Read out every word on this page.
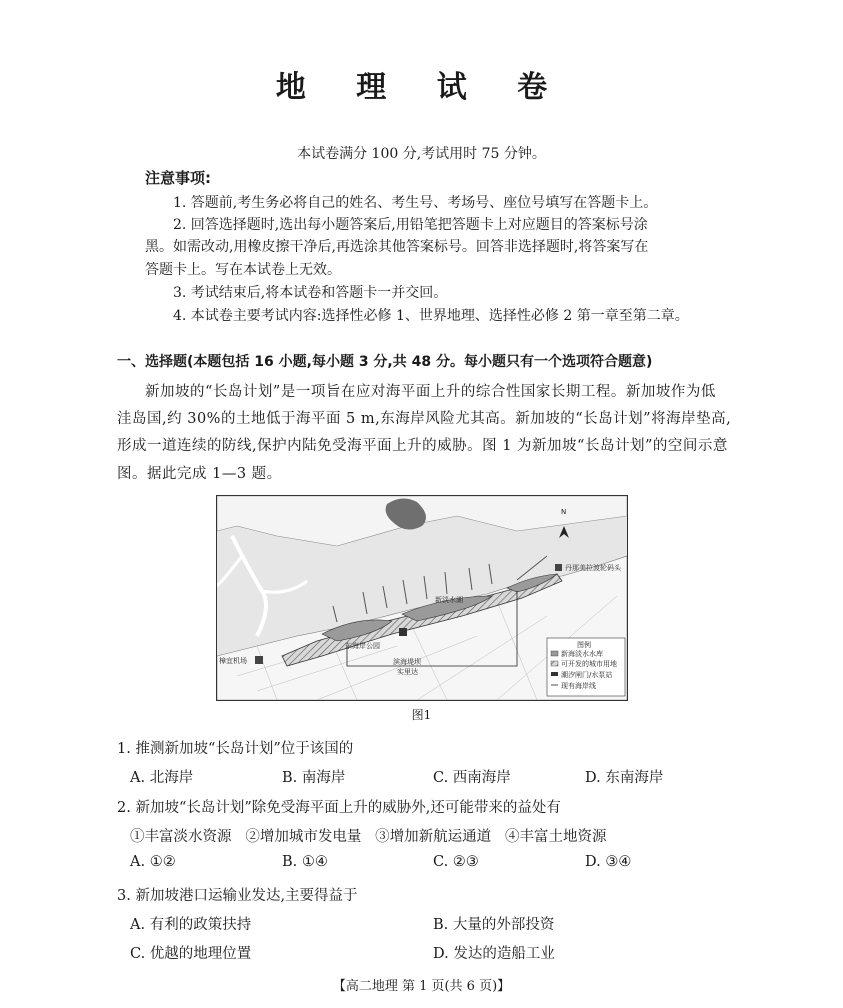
地 理 试 卷
本试卷满分 100 分,考试用时 75 分钟。
注意事项:
1. 答题前,考生务必将自己的姓名、考生号、考场号、座位号填写在答题卡上。
2. 回答选择题时,选出每小题答案后,用铅笔把答题卡上对应题目的答案标号涂
黑。如需改动,用橡皮擦干净后,再选涂其他答案标号。回答非选择题时,将答案写在
答题卡上。写在本试卷上无效。
3. 考试结束后,将本试卷和答题卡一并交回。
4. 本试卷主要考试内容:选择性必修 1、世界地理、选择性必修 2 第一章至第二章。
一、选择题(本题包括 16 小题,每小题 3 分,共 48 分。每小题只有一个选项符合题意)
新加坡的“长岛计划”是一项旨在应对海平面上升的综合性国家长期工程。新加坡作为低
洼岛国,约 30%的土地低于海平面 5 m,东海岸风险尤其高。新加坡的“长岛计划”将海岸垫高,
形成一道连续的防线,保护内陆免受海平面上升的威胁。图 1 为新加坡“长岛计划”的空间示意
图。据此完成 1—3 题。
N
丹那美拉渡轮码头
樟宜机场
东海岸公园
新淡水湖
实里达
滨海堤坝
图例
新海淡水水库
可开发的城市用地
潮汐闸门/水泵站
现有海岸线
图1
1. 推测新加坡“长岛计划”位于该国的
A. 北海岸	B. 南海岸	C. 西南海岸	D. 东南海岸
2. 新加坡“长岛计划”除免受海平面上升的威胁外,还可能带来的益处有
①丰富淡水资源   ②增加城市发电量   ③增加新航运通道   ④丰富土地资源
A. ①②	B. ①④	C. ②③	D. ③④
3. 新加坡港口运输业发达,主要得益于
A. 有利的政策扶持	B. 大量的外部投资
C. 优越的地理位置	D. 发达的造船工业
【高二地理 第 1 页(共 6 页)】
